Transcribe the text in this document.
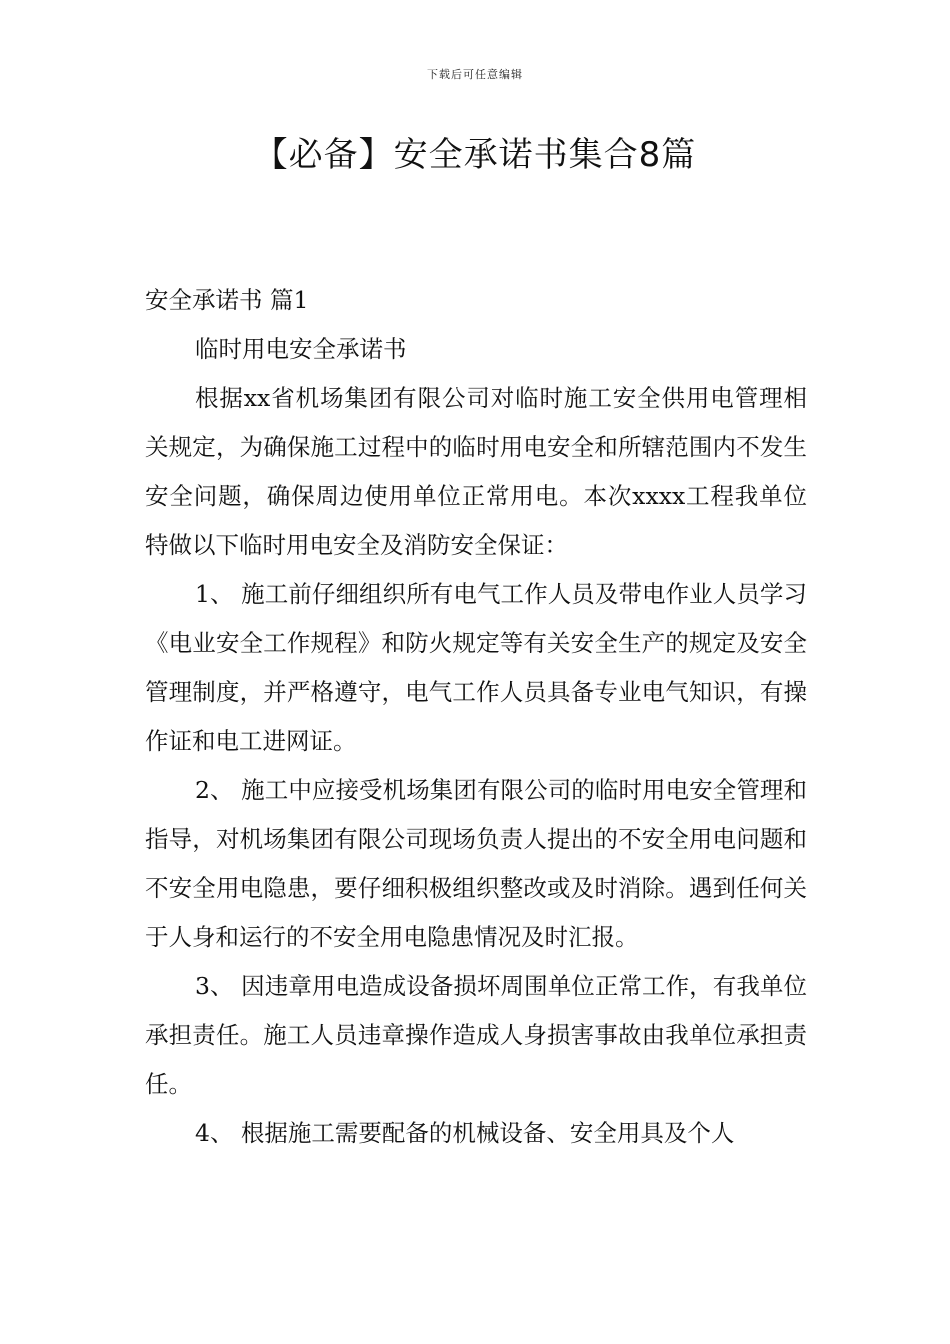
下载后可任意编辑
【必备】安全承诺书集合8篇
安全承诺书 篇1
临时用电安全承诺书

根据xx省机场集团有限公司对临时施工安全供用电管理相关规定，为确保施工过程中的临时用电安全和所辖范围内不发生安全问题，确保周边使用单位正常用电。本次xxxx工程我单位特做以下临时用电安全及消防安全保证：

1、 施工前仔细组织所有电气工作人员及带电作业人员学习《电业安全工作规程》和防火规定等有关安全生产的规定及安全管理制度，并严格遵守，电气工作人员具备专业电气知识，有操作证和电工进网证。

2、 施工中应接受机场集团有限公司的临时用电安全管理和指导，对机场集团有限公司现场负责人提出的不安全用电问题和不安全用电隐患，要仔细积极组织整改或及时消除。遇到任何关于人身和运行的不安全用电隐患情况及时汇报。

3、 因违章用电造成设备损坏周围单位正常工作，有我单位承担责任。施工人员违章操作造成人身损害事故由我单位承担责任。

4、 根据施工需要配备的机械设备、安全用具及个人
